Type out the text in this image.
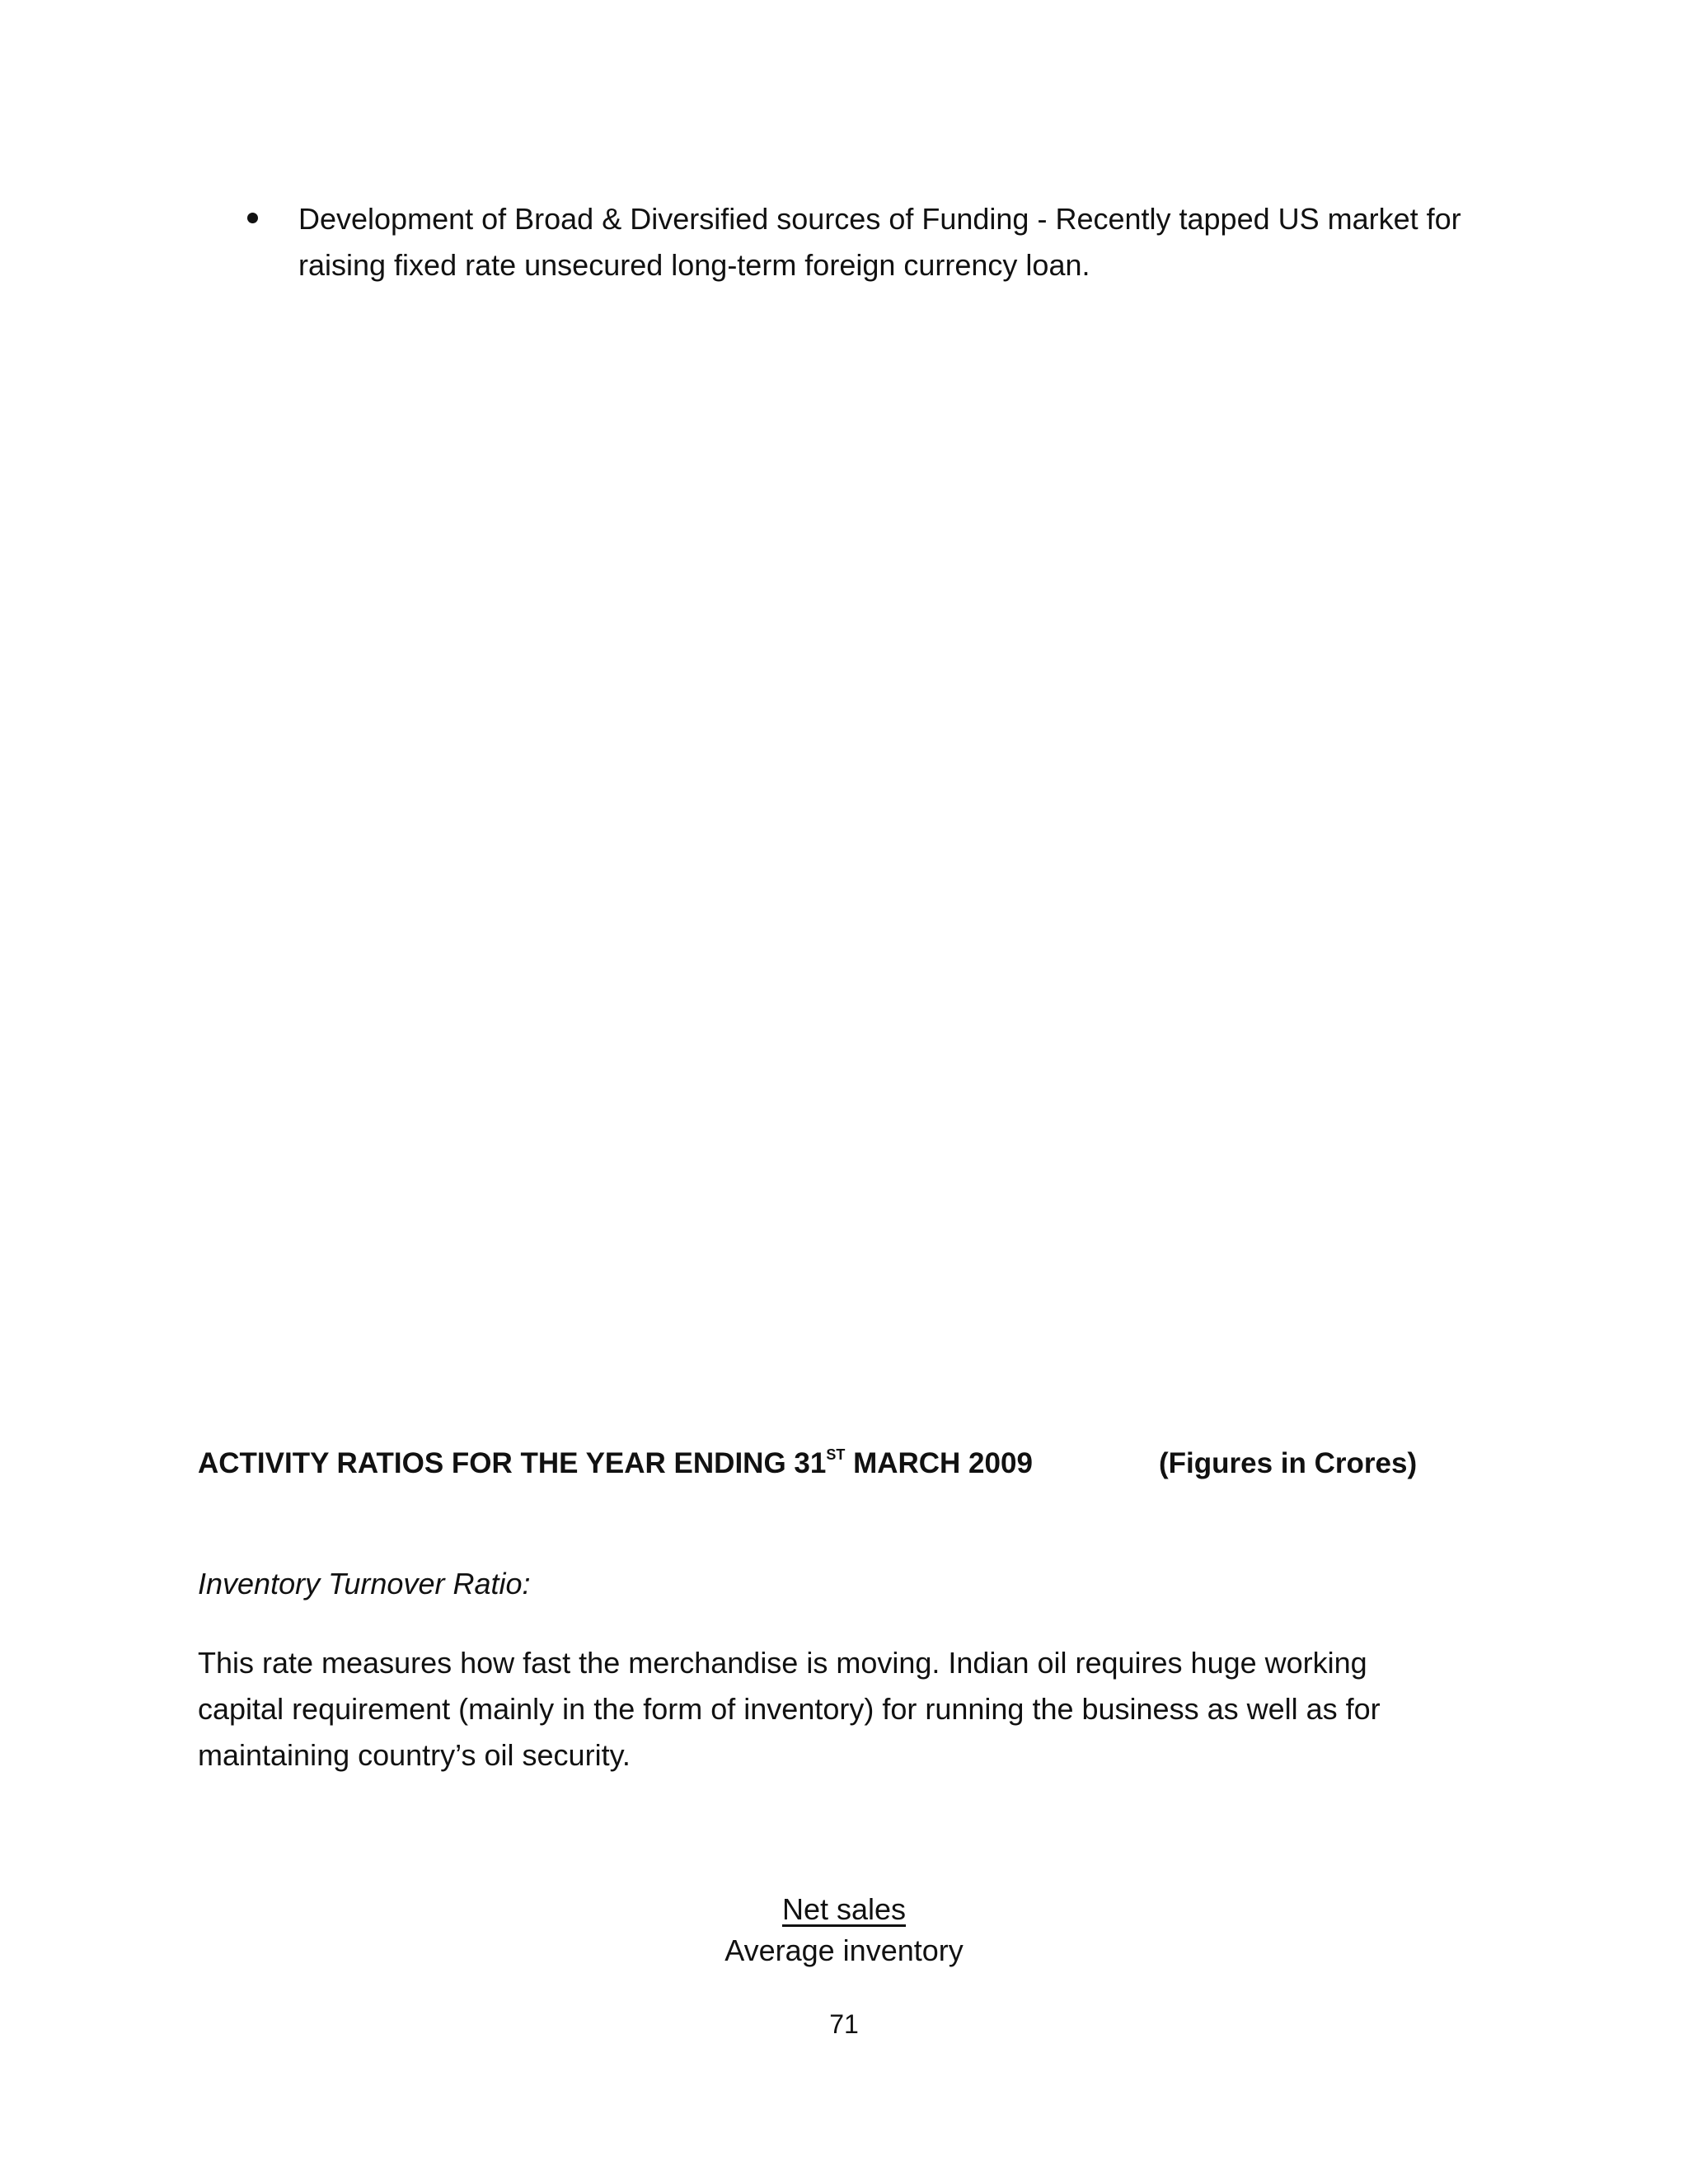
Development of Broad & Diversified sources of Funding - Recently tapped US market for raising fixed rate unsecured long-term foreign currency loan.
ACTIVITY RATIOS FOR THE YEAR ENDING 31ST MARCH 2009	(Figures in Crores)
Inventory Turnover Ratio:
This rate measures how fast the merchandise is moving. Indian oil requires huge working capital requirement (mainly in the form of inventory) for running the business as well as for maintaining country’s oil security.
Net sales
Average inventory
71
